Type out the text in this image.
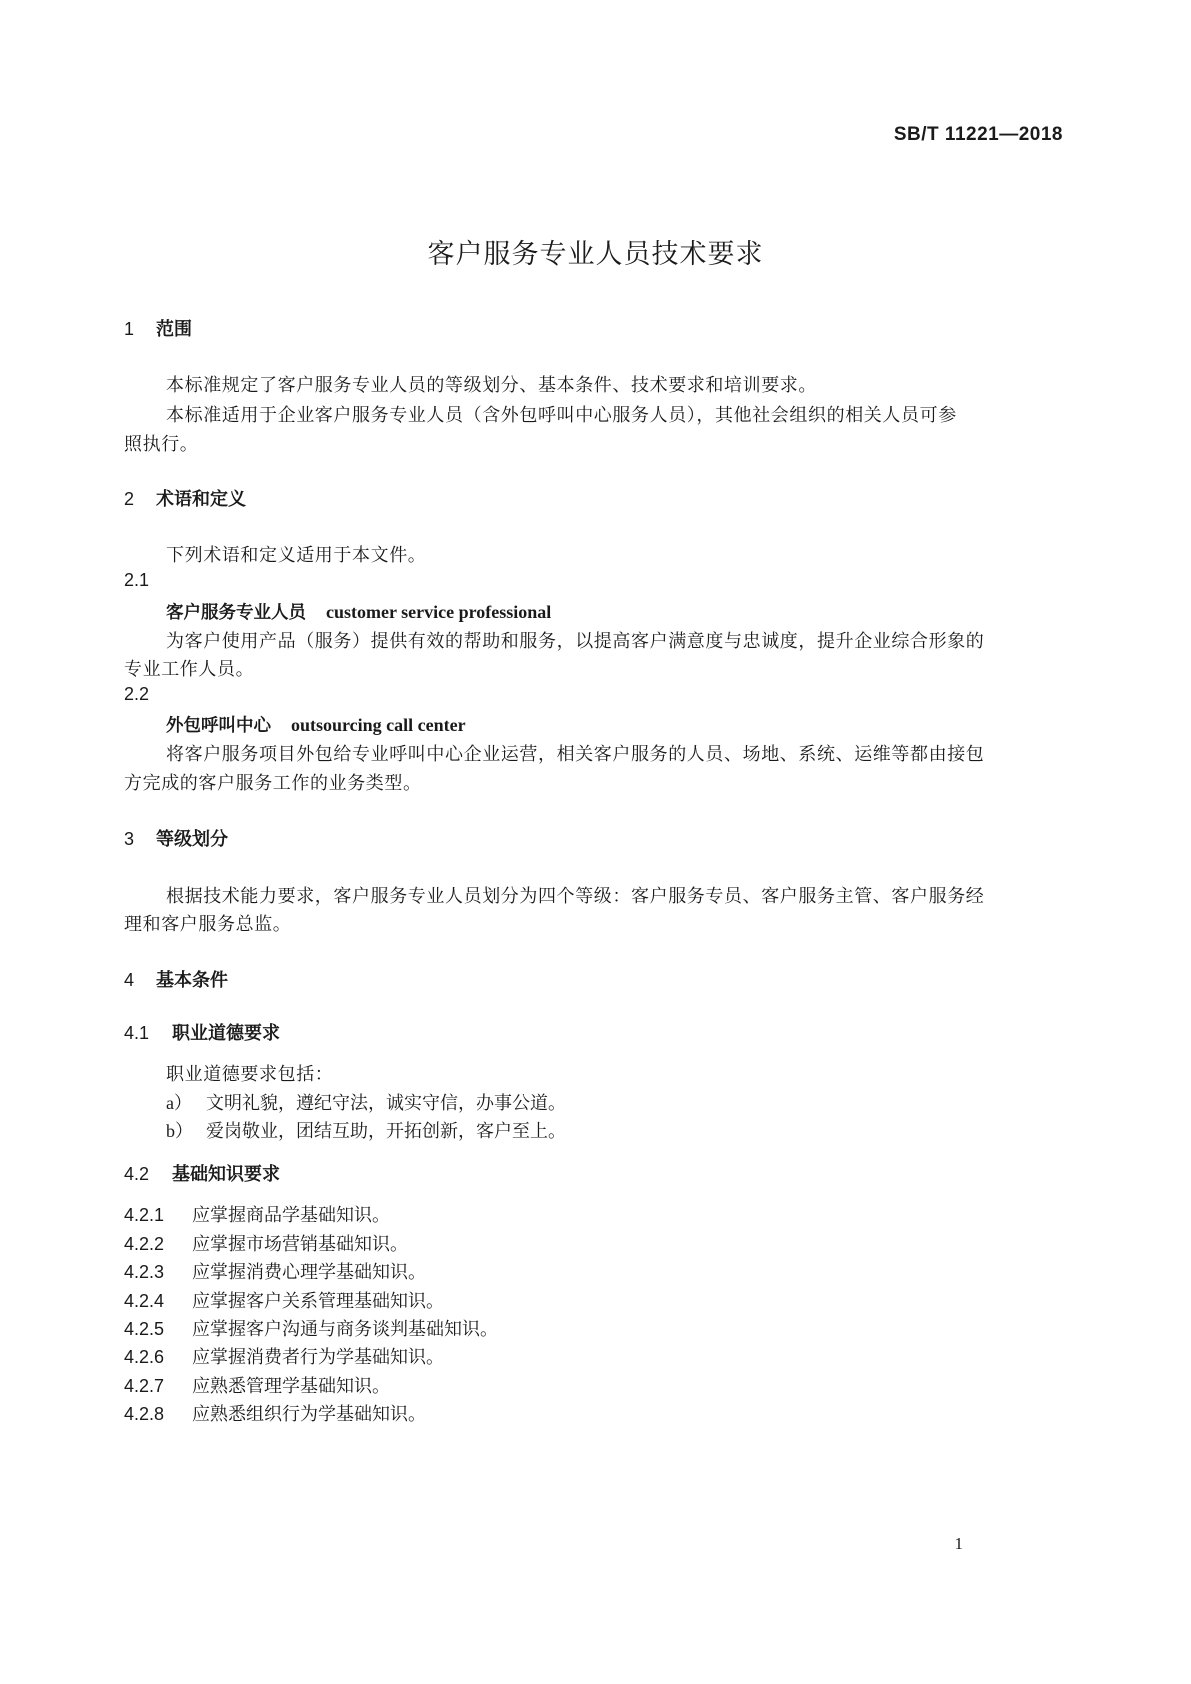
SB/T 11221—2018
客户服务专业人员技术要求
1 范围
本标准规定了客户服务专业人员的等级划分、基本条件、技术要求和培训要求。
本标准适用于企业客户服务专业人员（含外包呼叫中心服务人员），其他社会组织的相关人员可参
照执行。
2 术语和定义
下列术语和定义适用于本文件。
2.1
客户服务专业人员 customer service professional
为客户使用产品（服务）提供有效的帮助和服务，以提高客户满意度与忠诚度，提升企业综合形象的
专业工作人员。
2.2
外包呼叫中心 outsourcing call center
将客户服务项目外包给专业呼叫中心企业运营，相关客户服务的人员、场地、系统、运维等都由接包
方完成的客户服务工作的业务类型。
3 等级划分
根据技术能力要求，客户服务专业人员划分为四个等级：客户服务专员、客户服务主管、客户服务经
理和客户服务总监。
4 基本条件
4.1 职业道德要求
职业道德要求包括：
a） 文明礼貌，遵纪守法，诚实守信，办事公道。
b） 爱岗敬业，团结互助，开拓创新，客户至上。
4.2 基础知识要求
4.2.1 应掌握商品学基础知识。
4.2.2 应掌握市场营销基础知识。
4.2.3 应掌握消费心理学基础知识。
4.2.4 应掌握客户关系管理基础知识。
4.2.5 应掌握客户沟通与商务谈判基础知识。
4.2.6 应掌握消费者行为学基础知识。
4.2.7 应熟悉管理学基础知识。
4.2.8 应熟悉组织行为学基础知识。
1
